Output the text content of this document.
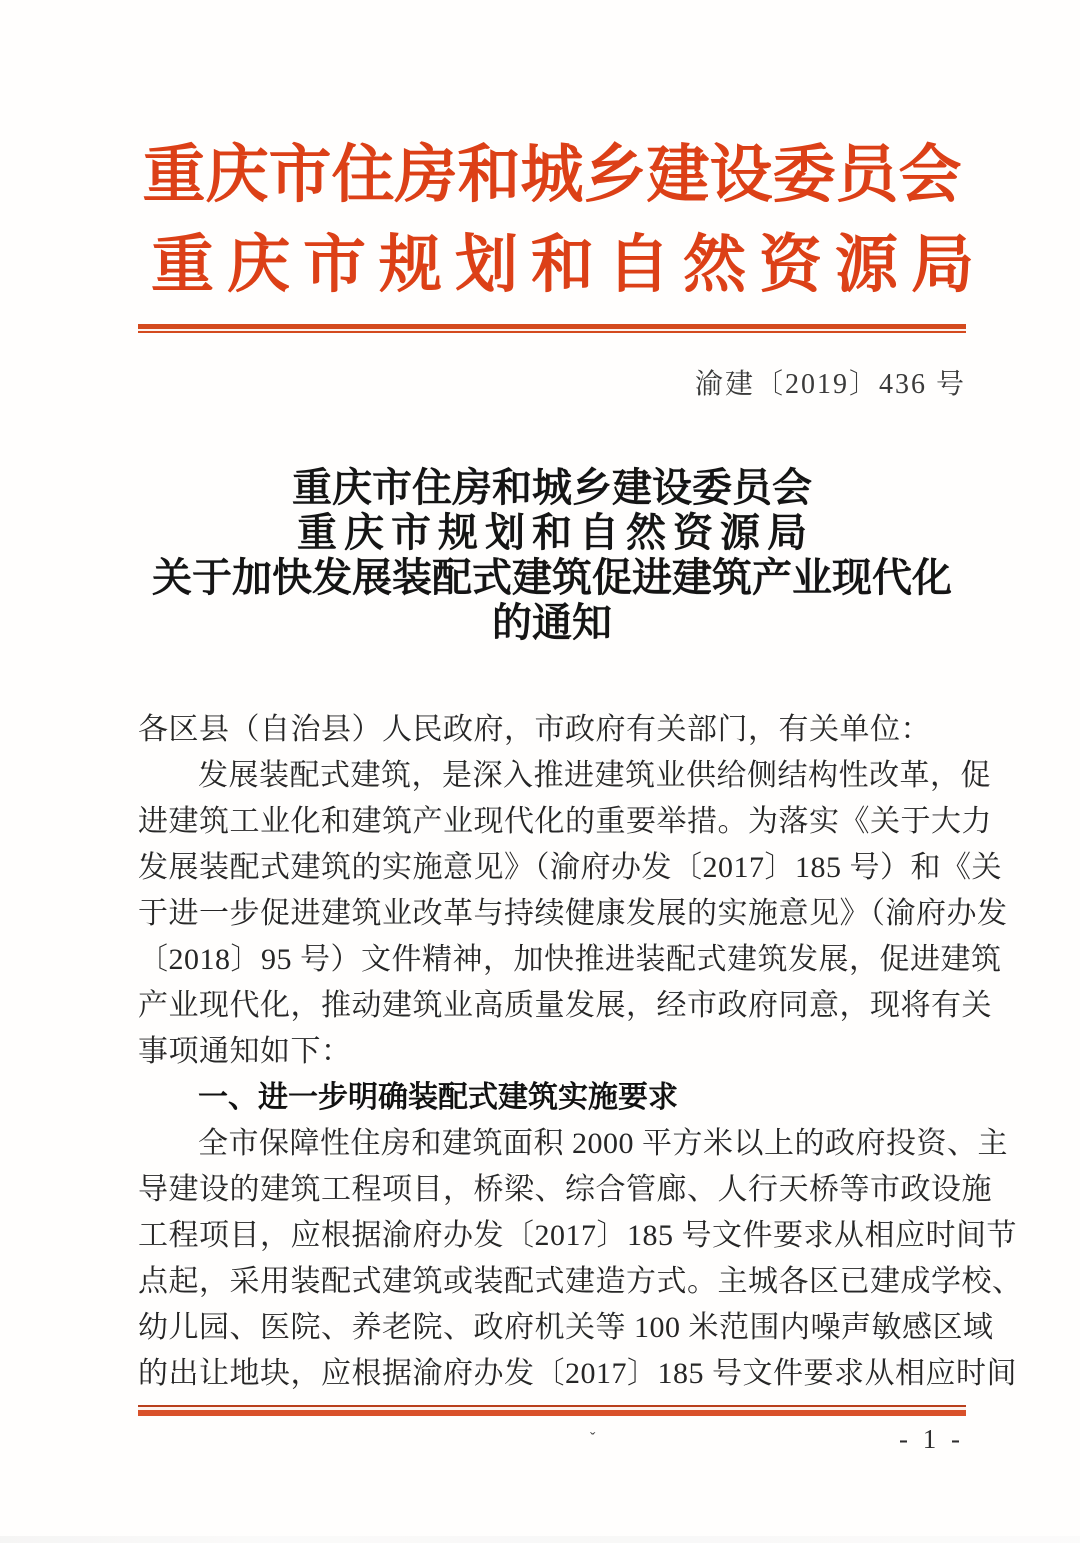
重庆市住房和城乡建设委员会
重庆市规划和自然资源局
渝建〔2019〕436 号
重庆市住房和城乡建设委员会
重庆市规划和自然资源局
关于加快发展装配式建筑促进建筑产业现代化
的通知
各区县（自治县）人民政府，市政府有关部门，有关单位：
发展装配式建筑，是深入推进建筑业供给侧结构性改革，促
进建筑工业化和建筑产业现代化的重要举措。为落实《关于大力
发展装配式建筑的实施意见》（渝府办发〔2017〕185 号）和《关
于进一步促进建筑业改革与持续健康发展的实施意见》（渝府办发
〔2018〕95 号）文件精神，加快推进装配式建筑发展，促进建筑
产业现代化，推动建筑业高质量发展，经市政府同意，现将有关
事项通知如下：
一、进一步明确装配式建筑实施要求
全市保障性住房和建筑面积 2000 平方米以上的政府投资、主
导建设的建筑工程项目，桥梁、综合管廊、人行天桥等市政设施
工程项目，应根据渝府办发〔2017〕185 号文件要求从相应时间节
点起，采用装配式建筑或装配式建造方式。主城各区已建成学校、
幼儿园、医院、养老院、政府机关等 100 米范围内噪声敏感区域
的出让地块，应根据渝府办发〔2017〕185 号文件要求从相应时间
ˇ	- 1 -
